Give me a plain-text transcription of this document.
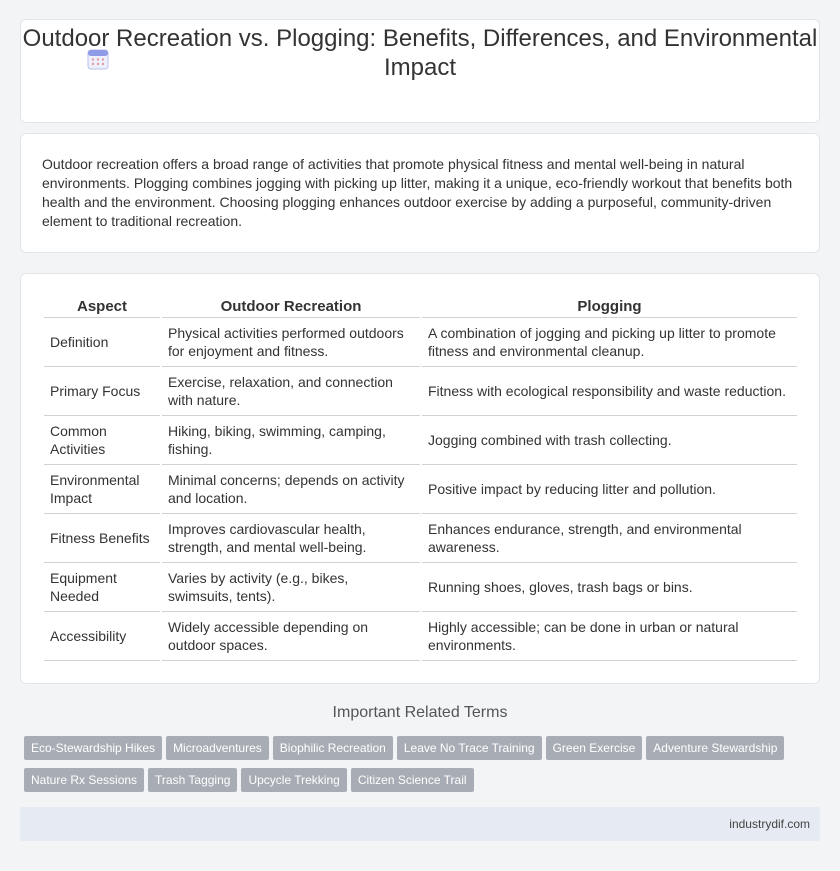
Outdoor Recreation vs. Plogging: Benefits, Differences, and Environmental Impact

Outdoor recreation offers a broad range of activities that promote physical fitness and mental well-being in natural environments. Plogging combines jogging with picking up litter, making it a unique, eco-friendly workout that benefits both health and the environment. Choosing plogging enhances outdoor exercise by adding a purposeful, community-driven element to traditional recreation.

Aspect	Outdoor Recreation	Plogging
Definition	Physical activities performed outdoors for enjoyment and fitness.	A combination of jogging and picking up litter to promote fitness and environmental cleanup.
Primary Focus	Exercise, relaxation, and connection with nature.	Fitness with ecological responsibility and waste reduction.
Common Activities	Hiking, biking, swimming, camping, fishing.	Jogging combined with trash collecting.
Environmental Impact	Minimal concerns; depends on activity and location.	Positive impact by reducing litter and pollution.
Fitness Benefits	Improves cardiovascular health, strength, and mental well-being.	Enhances endurance, strength, and environmental awareness.
Equipment Needed	Varies by activity (e.g., bikes, swimsuits, tents).	Running shoes, gloves, trash bags or bins.
Accessibility	Widely accessible depending on outdoor spaces.	Highly accessible; can be done in urban or natural environments.
Important Related Terms
Eco-Stewardship Hikes Microadventures Biophilic Recreation Leave No Trace Training Green Exercise Adventure StewardshipNature Rx Sessions Trash Tagging Upcycle Trekking Citizen Science Trail
industrydif.com
